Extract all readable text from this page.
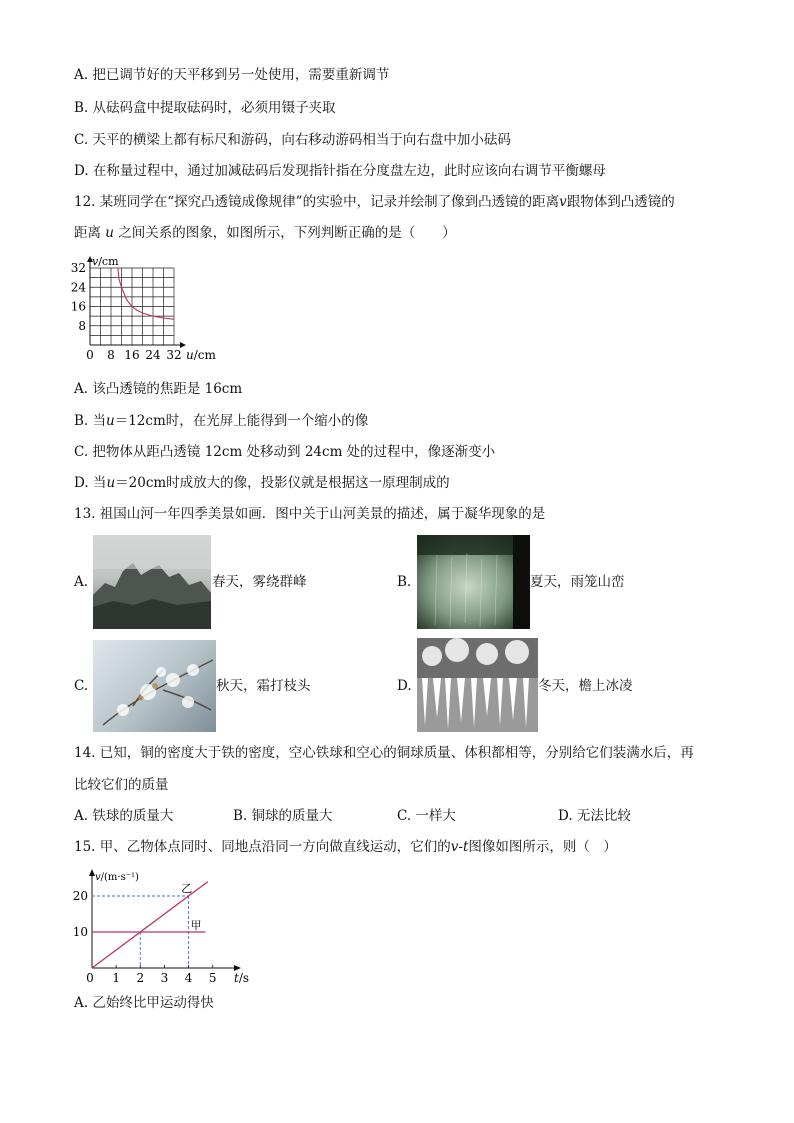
A. 把已调节好的天平移到另一处使用，需要重新调节
B. 从砝码盒中提取砝码时，必须用镊子夹取
C. 天平的横梁上都有标尺和游码，向右移动游码相当于向右盘中加小砝码
D. 在称量过程中，通过加减砝码后发现指针指在分度盘左边，此时应该向右调节平衡螺母
12. 某班同学在“探究凸透镜成像规律”的实验中，记录并绘制了像到凸透镜的距离v跟物体到凸透镜的
距离 u 之间关系的图象，如图所示，下列判断正确的是（　　）
0 8 16 24 32
8
16
24
32 v/cm
u/cm
A. 该凸透镜的焦距是 16cm
B. 当u＝12cm时，在光屏上能得到一个缩小的像
C. 把物体从距凸透镜 12cm 处移动到 24cm 处的过程中，像逐渐变小
D. 当u＝20cm时成放大的像，投影仪就是根据这一原理制成的
13. 祖国山河一年四季美景如画．图中关于山河美景的描述，属于凝华现象的是
A.	春天，雾绕群峰	B.	夏天，雨笼山峦
C.	秋天，霜打枝头	D.	冬天，檐上冰凌
14. 已知，铜的密度大于铁的密度，空心铁球和空心的铜球质量、体积都相等，分别给它们装满水后，再
比较它们的质量
A. 铁球的质量大	B. 铜球的质量大	C. 一样大	D. 无法比较
15. 甲、乙物体点同时、同地点沿同一方向做直线运动，它们的v-t图像如图所示，则（　）
甲
乙
0 1 2 3 4 5
10
20
v/(m·s⁻¹)
t/s
A. 乙始终比甲运动得快
